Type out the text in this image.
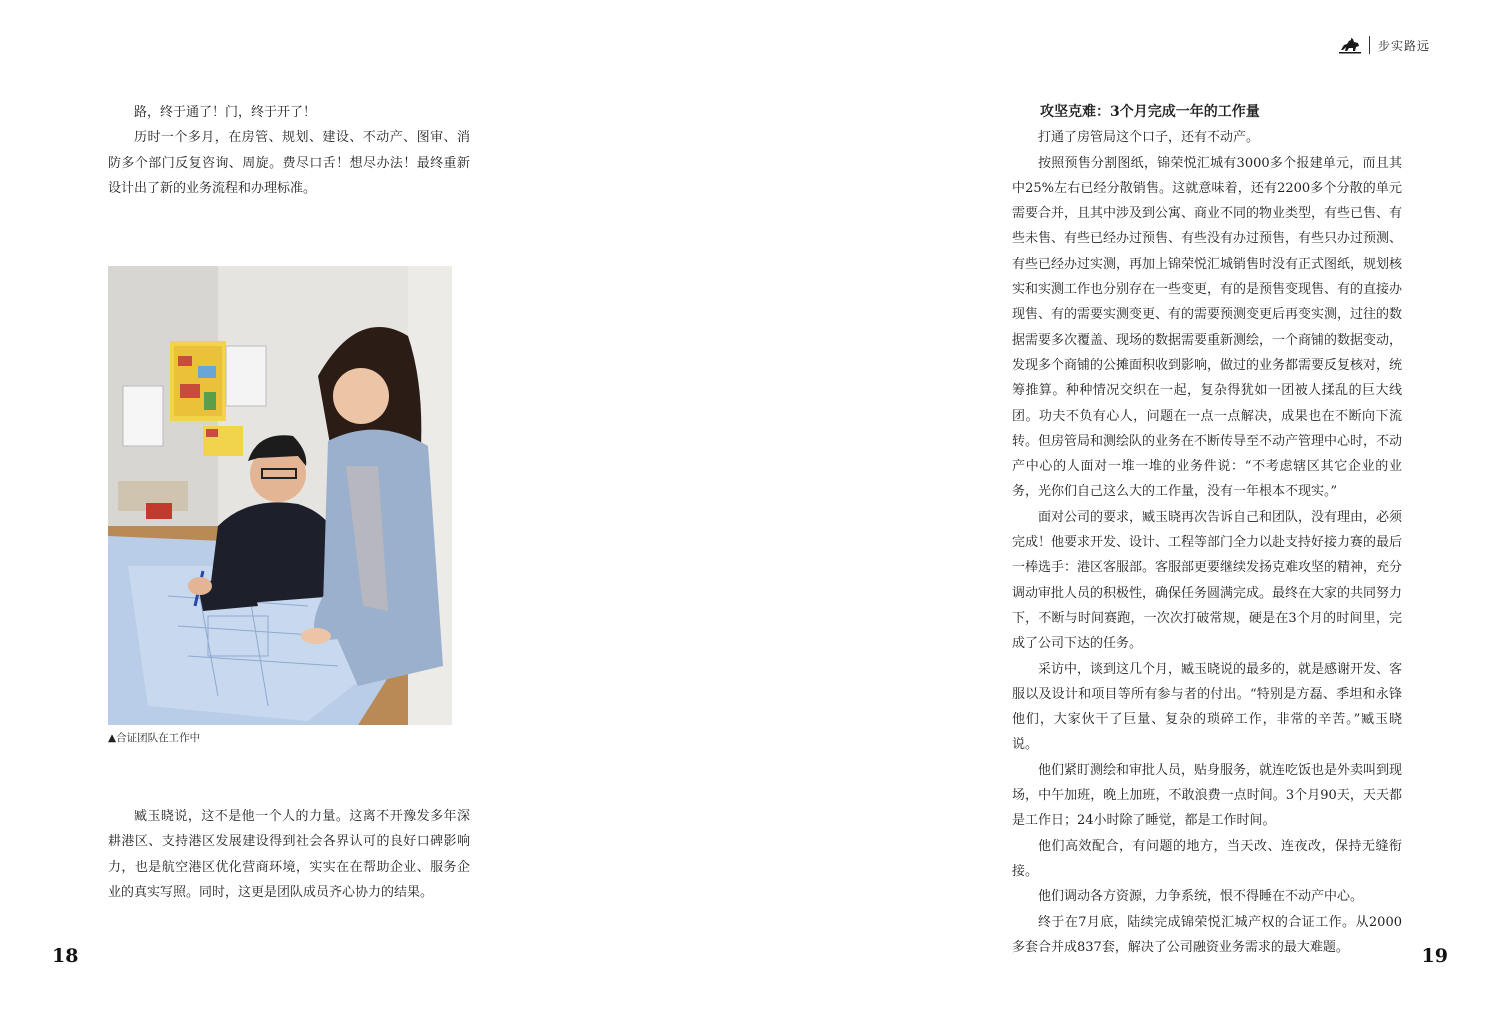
路，终于通了！门，终于开了！

历时一个多月，在房管、规划、建设、不动产、图审、消防多个部门反复咨询、周旋。费尽口舌！想尽办法！最终重新设计出了新的业务流程和办理标准。

▲合证团队在工作中

臧玉晓说，这不是他一个人的力量。这离不开豫发多年深耕港区、支持港区发展建设得到社会各界认可的良好口碑影响力，也是航空港区优化营商环境，实实在在帮助企业、服务企业的真实写照。同时，这更是团队成员齐心协力的结果。

18
步实路远

攻坚克难：3个月完成一年的工作量

打通了房管局这个口子，还有不动产。

按照预售分割图纸，锦荣悦汇城有3000多个报建单元，而且其中25%左右已经分散销售。这就意味着，还有2200多个分散的单元需要合并，且其中涉及到公寓、商业不同的物业类型，有些已售、有些未售、有些已经办过预售、有些没有办过预售，有些只办过预测、有些已经办过实测，再加上锦荣悦汇城销售时没有正式图纸，规划核实和实测工作也分别存在一些变更，有的是预售变现售、有的直接办现售、有的需要实测变更、有的需要预测变更后再变实测，过往的数据需要多次覆盖、现场的数据需要重新测绘，一个商铺的数据变动，发现多个商铺的公摊面积收到影响，做过的业务都需要反复核对，统筹推算。种种情况交织在一起，复杂得犹如一团被人揉乱的巨大线团。功夫不负有心人，问题在一点一点解决，成果也在不断向下流转。但房管局和测绘队的业务在不断传导至不动产管理中心时，不动产中心的人面对一堆一堆的业务件说：“不考虑辖区其它企业的业务，光你们自己这么大的工作量，没有一年根本不现实。”

面对公司的要求，臧玉晓再次告诉自己和团队，没有理由，必须完成！他要求开发、设计、工程等部门全力以赴支持好接力赛的最后一棒选手：港区客服部。客服部更要继续发扬克难攻坚的精神，充分调动审批人员的积极性，确保任务圆满完成。最终在大家的共同努力下，不断与时间赛跑，一次次打破常规，硬是在3个月的时间里，完成了公司下达的任务。

采访中，谈到这几个月，臧玉晓说的最多的，就是感谢开发、客服以及设计和项目等所有参与者的付出。“特别是方磊、季坦和永锋他们，大家伙干了巨量、复杂的琐碎工作，非常的辛苦。”臧玉晓说。

他们紧盯测绘和审批人员，贴身服务，就连吃饭也是外卖叫到现场，中午加班，晚上加班，不敢浪费一点时间。3个月90天，天天都是工作日；24小时除了睡觉，都是工作时间。

他们高效配合，有问题的地方，当天改、连夜改，保持无缝衔接。

他们调动各方资源，力争系统，恨不得睡在不动产中心。

终于在7月底，陆续完成锦荣悦汇城产权的合证工作。从2000多套合并成837套，解决了公司融资业务需求的最大难题。	19
